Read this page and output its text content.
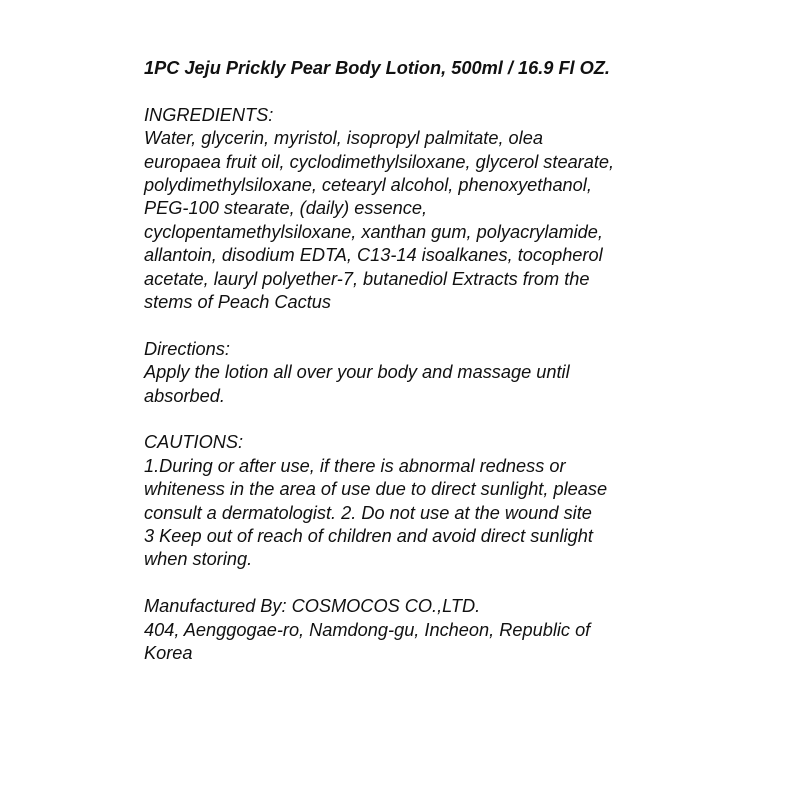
1PC Jeju Prickly Pear Body Lotion, 500ml / 16.9 Fl OZ.
INGREDIENTS:
Water, glycerin, myristol, isopropyl palmitate, olea
europaea fruit oil, cyclodimethylsiloxane, glycerol stearate,
polydimethylsiloxane, cetearyl alcohol, phenoxyethanol,
PEG-100 stearate, (daily) essence,
cyclopentamethylsiloxane, xanthan gum, polyacrylamide,
allantoin, disodium EDTA, C13-14 isoalkanes, tocopherol
acetate, lauryl polyether-7, butanediol Extracts from the
stems of Peach Cactus
Directions:
Apply the lotion all over your body and massage until
absorbed.
CAUTIONS:
1.During or after use, if there is abnormal redness or
whiteness in the area of use due to direct sunlight, please
consult a dermatologist. 2. Do not use at the wound site
3 Keep out of reach of children and avoid direct sunlight
when storing.
Manufactured By: COSMOCOS CO.,LTD.
404, Aenggogae-ro, Namdong-gu, Incheon, Republic of
Korea
